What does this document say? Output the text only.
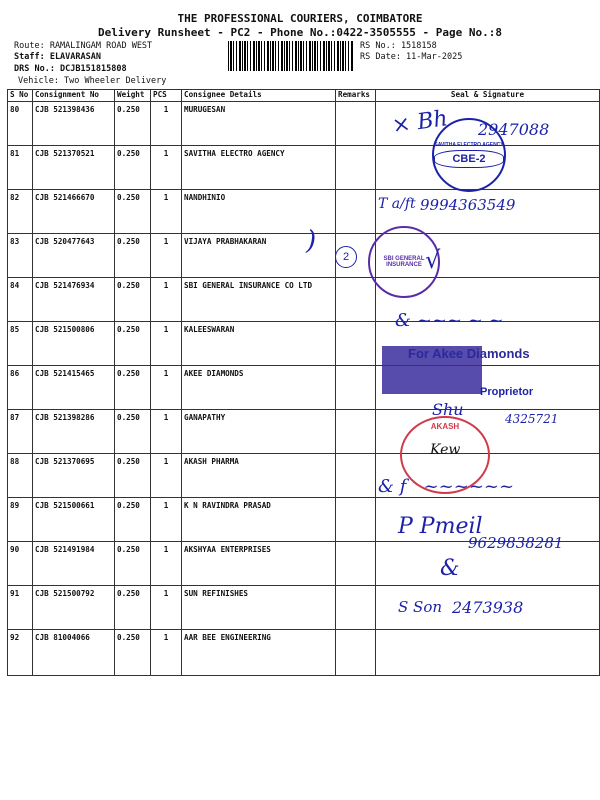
THE PROFESSIONAL COURIERS, COIMBATORE
Delivery Runsheet - PC2 - Phone No.:0422-3505555 - Page No.:8
Route: RAMALINGAM ROAD WEST
Staff: ELAVARASAN
DRS No.: DCJB151815808
Vehicle: Two Wheeler Delivery
RS No.: 1518158
RS Date: 11-Mar-2025
S No	Consignment No	Weight	PCS	Consignee Details	Remarks	Seal & Signature
80	CJB 521398436	0.250	1	MURUGESAN		
81	CJB 521370521	0.250	1	SAVITHA ELECTRO AGENCY		
82	CJB 521466670	0.250	1	NANDHINIO		
83	CJB 520477643	0.250	1	VIJAYA PRABHAKARAN		
84	CJB 521476934	0.250	1	SBI GENERAL INSURANCE CO LTD		
85	CJB 521500806	0.250	1	KALEESWARAN		
86	CJB 521415465	0.250	1	AKEE DIAMONDS		
87	CJB 521398286	0.250	1	GANAPATHY		
88	CJB 521370695	0.250	1	AKASH PHARMA		
89	CJB 521500661	0.250	1	K N RAVINDRA PRASAD		
90	CJB 521491984	0.250	1	AKSHYAA ENTERPRISES		
91	CJB 521500792	0.250	1	SUN REFINISHES		
92	CJB 81004066	0.250	1	AAR BEE ENGINEERING		
× Bh 2947088
SAVITHA ELECTRO AGENCY
CBE-2
T a/ft 9994363549
)
2	SBI GENERAL INSURANCE √
& ~~~ ~ ~
For Akee Diamonds
Proprietor
Shu	4325721
AKASH
Kew
& f   ~~~~~~
P Pmeil
9629838281
&
S Son 2473938
